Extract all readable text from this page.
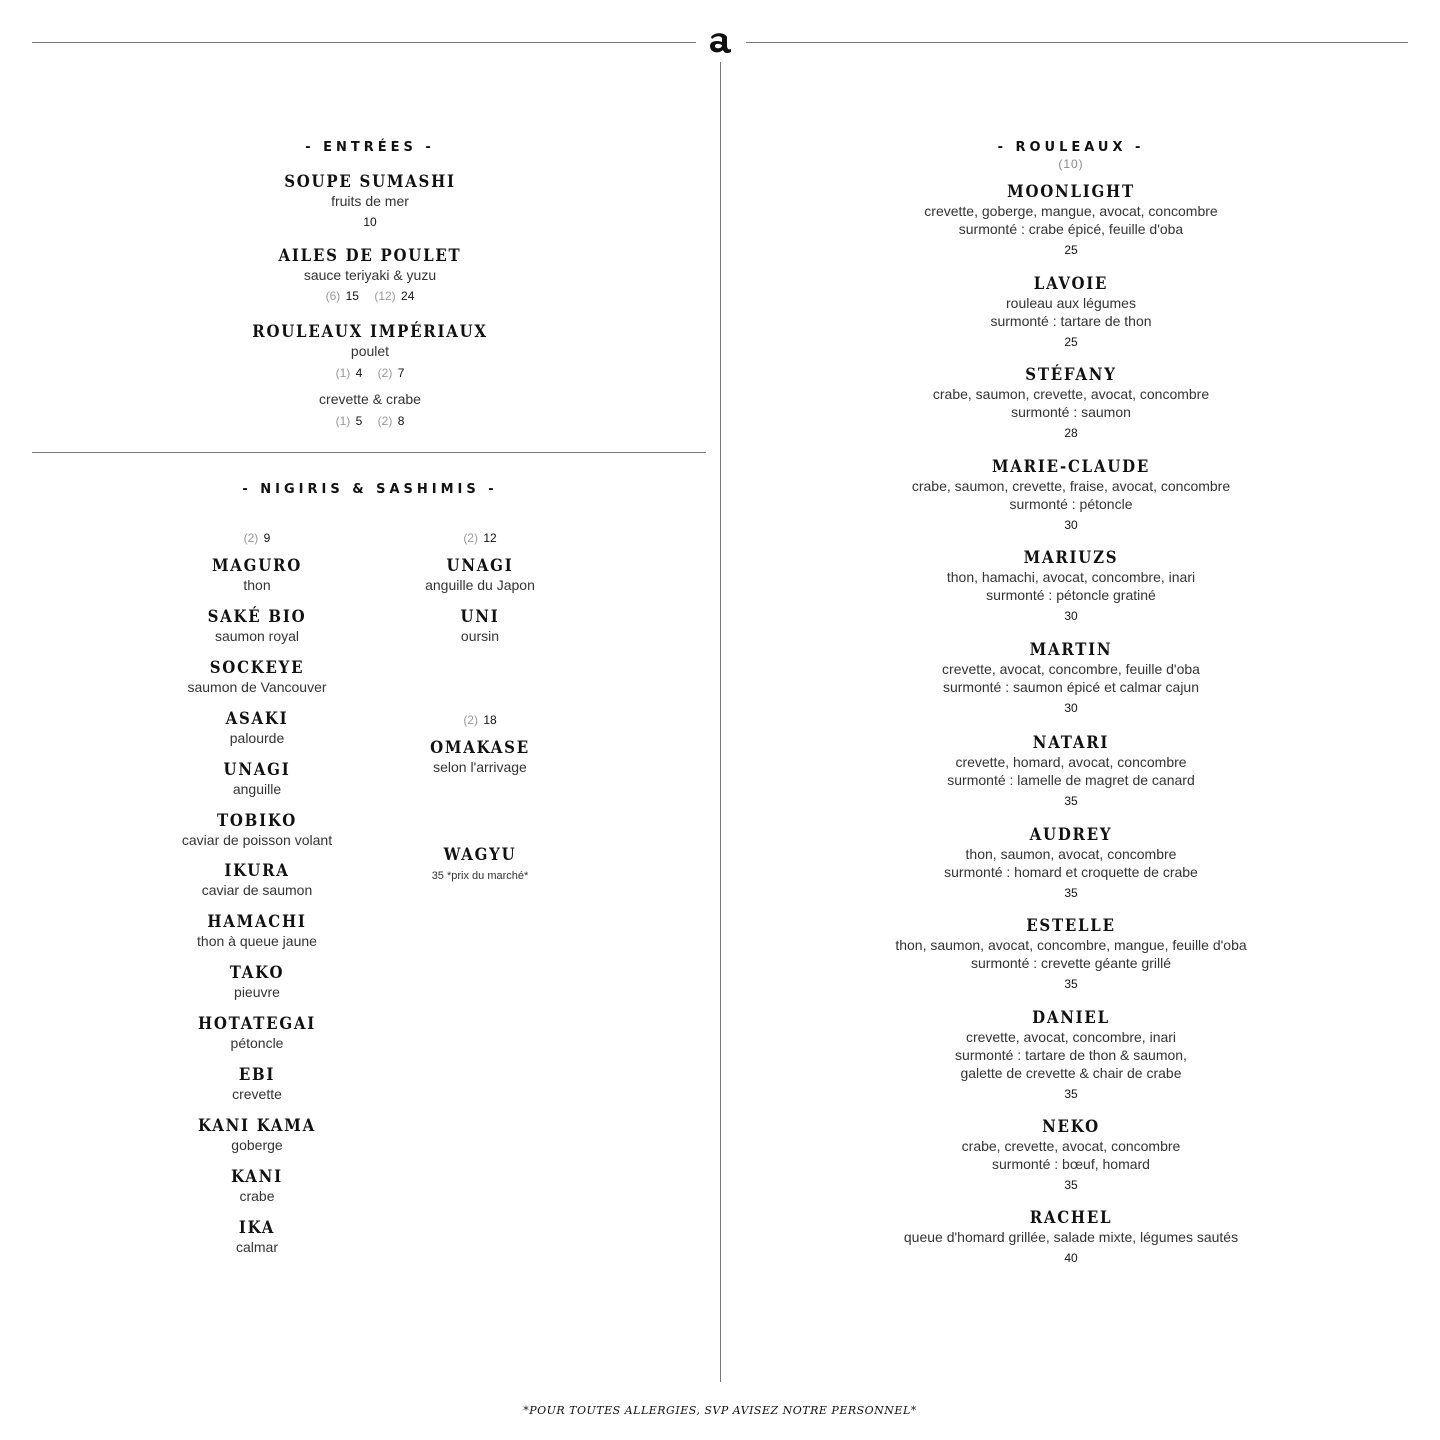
- ENTRÉES -
SOUPE SUMASHI
fruits de mer
10
AILES DE POULET
sauce teriyaki & yuzu
(6) 15 (12) 24
ROULEAUX IMPÉRIAUX
poulet
(1) 4 (2) 7
crevette & crabe
(1) 5 (2) 8
- NIGIRIS & SASHIMIS -
(2) 9
MAGURO
thon
SAKÉ BIO
saumon royal
SOCKEYE
saumon de Vancouver
ASAKI
palourde
UNAGI
anguille
TOBIKO
caviar de poisson volant
IKURA
caviar de saumon
HAMACHI
thon à queue jaune
TAKO
pieuvre
HOTATEGAI
pétoncle
EBI
crevette
KANI KAMA
goberge
KANI
crabe
IKA
calmar
(2) 12
UNAGI
anguille du Japon
UNI
oursin
(2) 18
OMAKASE
selon l'arrivage
WAGYU
35 *prix du marché*
- ROULEAUX -
(10)
MOONLIGHT
crevette, goberge, mangue, avocat, concombre
surmonté : crabe épicé, feuille d'oba
25
LAVOIE
rouleau aux légumes
surmonté : tartare de thon
25
STÉFANY
crabe, saumon, crevette, avocat, concombre
surmonté : saumon
28
MARIE-CLAUDE
crabe, saumon, crevette, fraise, avocat, concombre
surmonté : pétoncle
30
MARIUZS
thon, hamachi, avocat, concombre, inari
surmonté : pétoncle gratiné
30
MARTIN
crevette, avocat, concombre, feuille d'oba
surmonté : saumon épicé et calmar cajun
30
NATARI
crevette, homard, avocat, concombre
surmonté : lamelle de magret de canard
35
AUDREY
thon, saumon, avocat, concombre
surmonté : homard et croquette de crabe
35
ESTELLE
thon, saumon, avocat, concombre, mangue, feuille d'oba
surmonté : crevette géante grillé
35
DANIEL
crevette, avocat, concombre, inari
surmonté : tartare de thon & saumon,
galette de crevette & chair de crabe
35
NEKO
crabe, crevette, avocat, concombre
surmonté : bœuf, homard
35
RACHEL
queue d'homard grillée, salade mixte, légumes sautés
40
*POUR TOUTES ALLERGIES, SVP AVISEZ NOTRE PERSONNEL*
